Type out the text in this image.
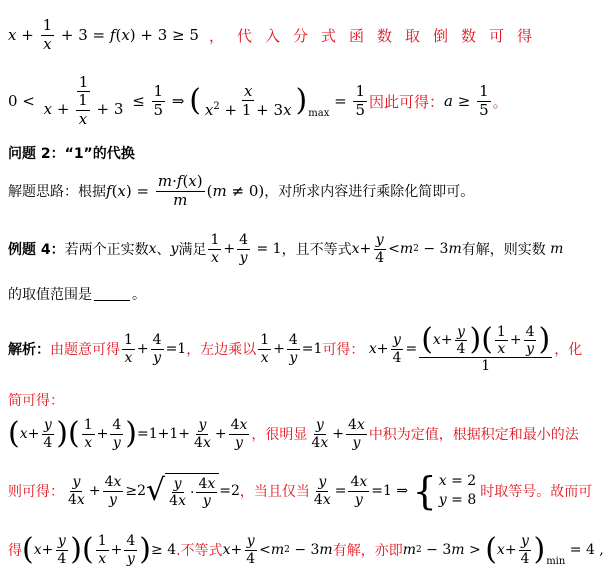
$x + \frac{1}{x} + 3 = f$ ( x ) + 3 ≥ 5 ，代入分式函数取倒数可得
$0 < \frac{1}{x + \frac{1}{x} + 3} \le \frac{1}{5}$ ⇒ ( $\frac{x}{x^2 + 1 + 3x}$ ) max
= $\frac{1}{5}$ 因此可得： $a \ge \frac{1}{5}$ 。
问题 2：“1”的代换
解题思路：根据 f ( x ) = $\frac{m\cdot f(x)}{m}$ ( m ≠ 0) ，对所求内容进行乘除化简即可。
例题 4： 若两个正实数 x 、 y 满足 $\frac{1}{x} + \frac{4}{y} = 1$ ，且不等式 $x + \frac{y}{4} < m$ 2 − 3 m 有解，则实数 m
的取值范围是	。
解析： 由题意可得 $\frac{1}{x} + \frac{4}{y} =1$ ，左边乘以 $\frac{1}{x} + \frac{4}{y} =1$ 可得： $x + \frac{y}{4} = \frac{( x + \frac{y}{4} ) ( \frac{1}{x} + \frac{4}{y} )}{1}$ ，化
简可得：
( $x + \frac{y}{4}$ ) ( $\frac{1}{x} + \frac{4}{y}$ ) $=1+1+ \frac{y}{4x} + \frac{4x}{y}$ ，很明显 $\frac{y}{4x} + \frac{4x}{y}$ 中积为定值，根据积定和最小的法
则可得： $\frac{y}{4x} + \frac{4x}{y} \ge 2$ √ $\frac{y}{4x} \cdot \frac{4x}{y} =2$ ，当且仅当 $\frac{y}{4x} = \frac{4x}{y} =1$ ⇒ { x = 2
y = 8 时取等号。故而可
得 ( $x + \frac{y}{4}$ ) ( $\frac{1}{x} + \frac{4}{y}$ ) ≥ 4 .不等式 $x + \frac{y}{4} < m$ 2 − 3 m 有解，亦即 m 2 − 3 m > ( $x + \frac{y}{4}$ ) min
= 4 ,
